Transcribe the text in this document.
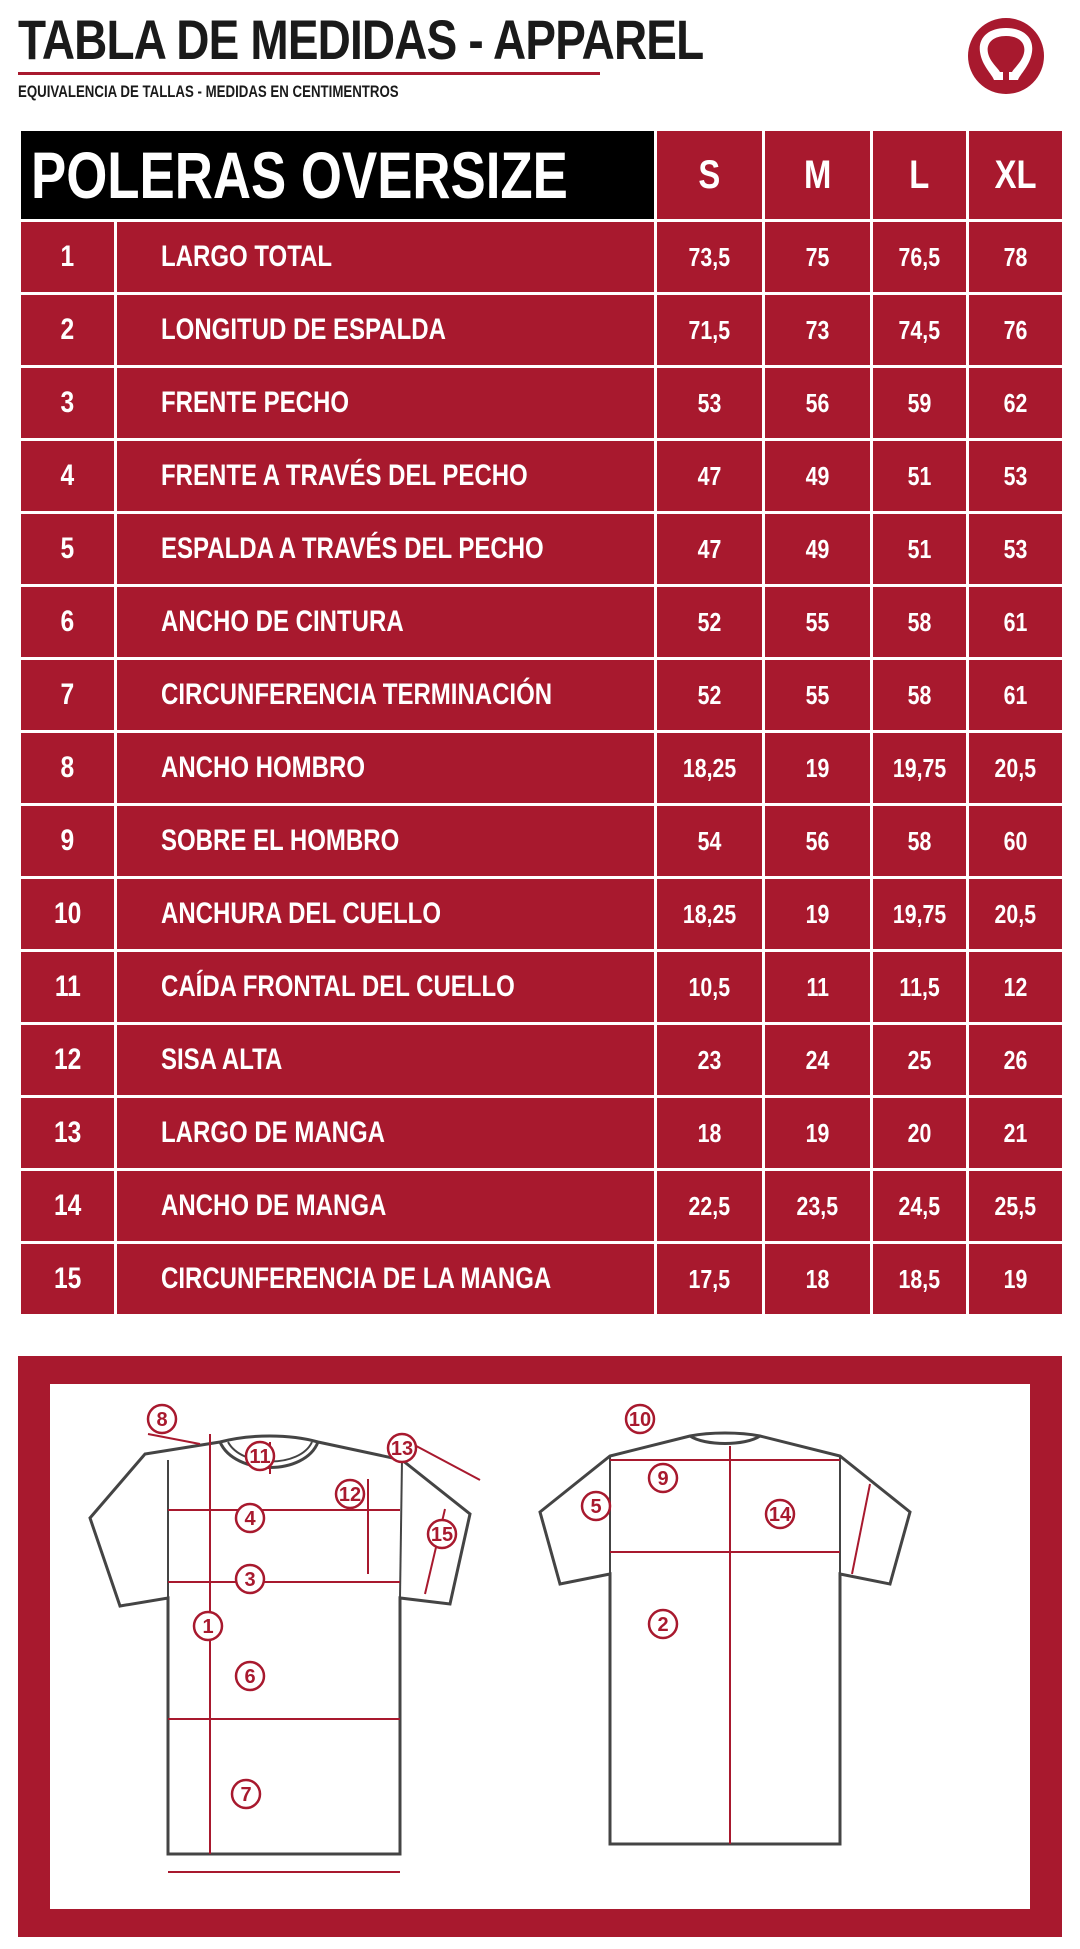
TABLA DE MEDIDAS - APPAREL
EQUIVALENCIA DE TALLAS - MEDIDAS EN CENTIMENTROS
POLERAS OVERSIZE		S	M	L	XL
1	LARGO TOTAL	73,5	75	76,5	78
2	LONGITUD DE ESPALDA	71,5	73	74,5	76
3	FRENTE PECHO	53	56	59	62
4	FRENTE A TRAVÉS DEL PECHO	47	49	51	53
5	ESPALDA A TRAVÉS DEL PECHO	47	49	51	53
6	ANCHO DE CINTURA	52	55	58	61
7	CIRCUNFERENCIA TERMINACIÓN	52	55	58	61
8	ANCHO HOMBRO	18,25	19	19,75	20,5
9	SOBRE EL HOMBRO	54	56	58	60
10	ANCHURA DEL CUELLO	18,25	19	19,75	20,5
11	CAÍDA FRONTAL DEL CUELLO	10,5	11	11,5	12
12	SISA ALTA	23	24	25	26
13	LARGO DE MANGA	18	19	20	21
14	ANCHO DE MANGA	22,5	23,5	24,5	25,5
15	CIRCUNFERENCIA DE LA MANGA	17,5	18	18,5	19
8
11	13
12
4
15
3
1
6
7
10
9
5	14
2
